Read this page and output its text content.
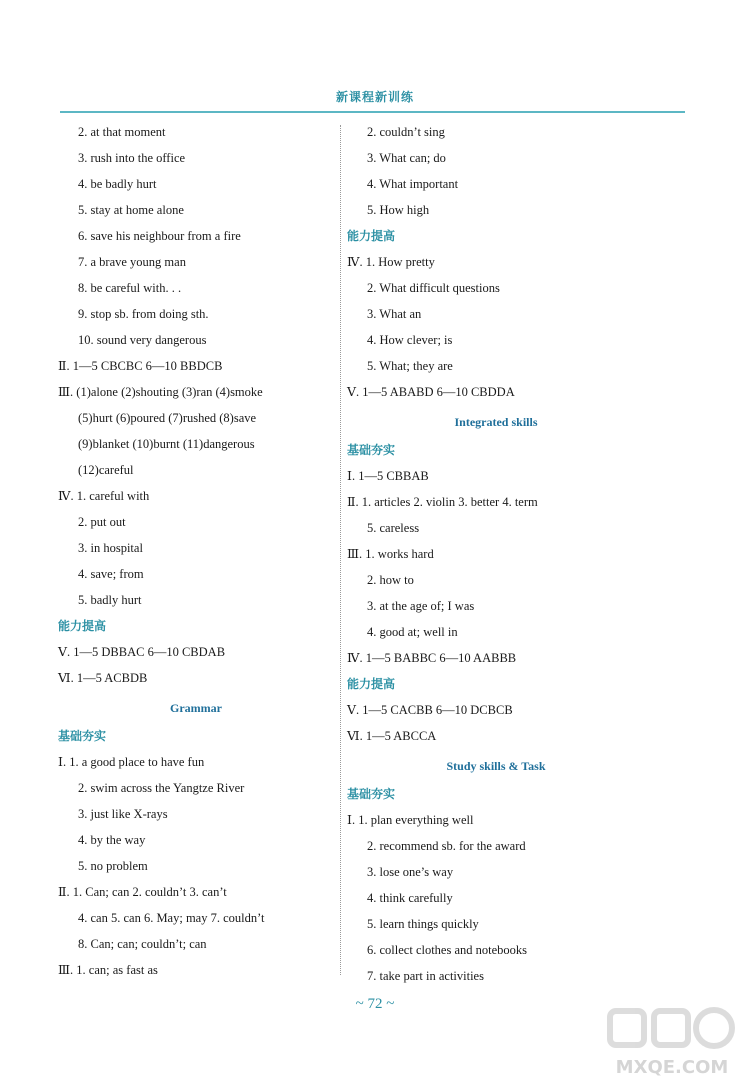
新课程新训练
2. at that moment
3. rush into the office
4. be badly hurt
5. stay at home alone
6. save his neighbour from a fire
7. a brave young man
8. be careful with. . .
9. stop sb. from doing sth.
10. sound very dangerous
Ⅱ. 1—5 CBCBC 6—10 BBDCB
Ⅲ. (1)alone (2)shouting (3)ran (4)smoke
(5)hurt (6)poured (7)rushed (8)save
(9)blanket (10)burnt (11)dangerous
(12)careful
Ⅳ. 1. careful with
2. put out
3. in hospital
4. save; from
5. badly hurt
能力提高
Ⅴ. 1—5 DBBAC 6—10 CBDAB
Ⅵ. 1—5 ACBDB
Grammar
基础夯实
Ⅰ. 1. a good place to have fun
2. swim across the Yangtze River
3. just like X-rays
4. by the way
5. no problem
Ⅱ. 1. Can; can 2. couldn’t 3. can’t
4. can 5. can 6. May; may 7. couldn’t
8. Can; can; couldn’t; can
Ⅲ. 1. can; as fast as
2. couldn’t sing
3. What can; do
4. What important
5. How high
能力提高
Ⅳ. 1. How pretty
2. What difficult questions
3. What an
4. How clever; is
5. What; they are
Ⅴ. 1—5 ABABD 6—10 CBDDA
Integrated skills
基础夯实
Ⅰ. 1—5 CBBAB
Ⅱ. 1. articles 2. violin 3. better 4. term
5. careless
Ⅲ. 1. works hard
2. how to
3. at the age of; I was
4. good at; well in
Ⅳ. 1—5 BABBC 6—10 AABBB
能力提高
Ⅴ. 1—5 CACBB 6—10 DCBCB
Ⅵ. 1—5 ABCCA
Study skills & Task
基础夯实
Ⅰ. 1. plan everything well
2. recommend sb. for the award
3. lose one’s way
4. think carefully
5. learn things quickly
6. collect clothes and notebooks
7. take part in activities
~ 72 ~
MXQE.COM
